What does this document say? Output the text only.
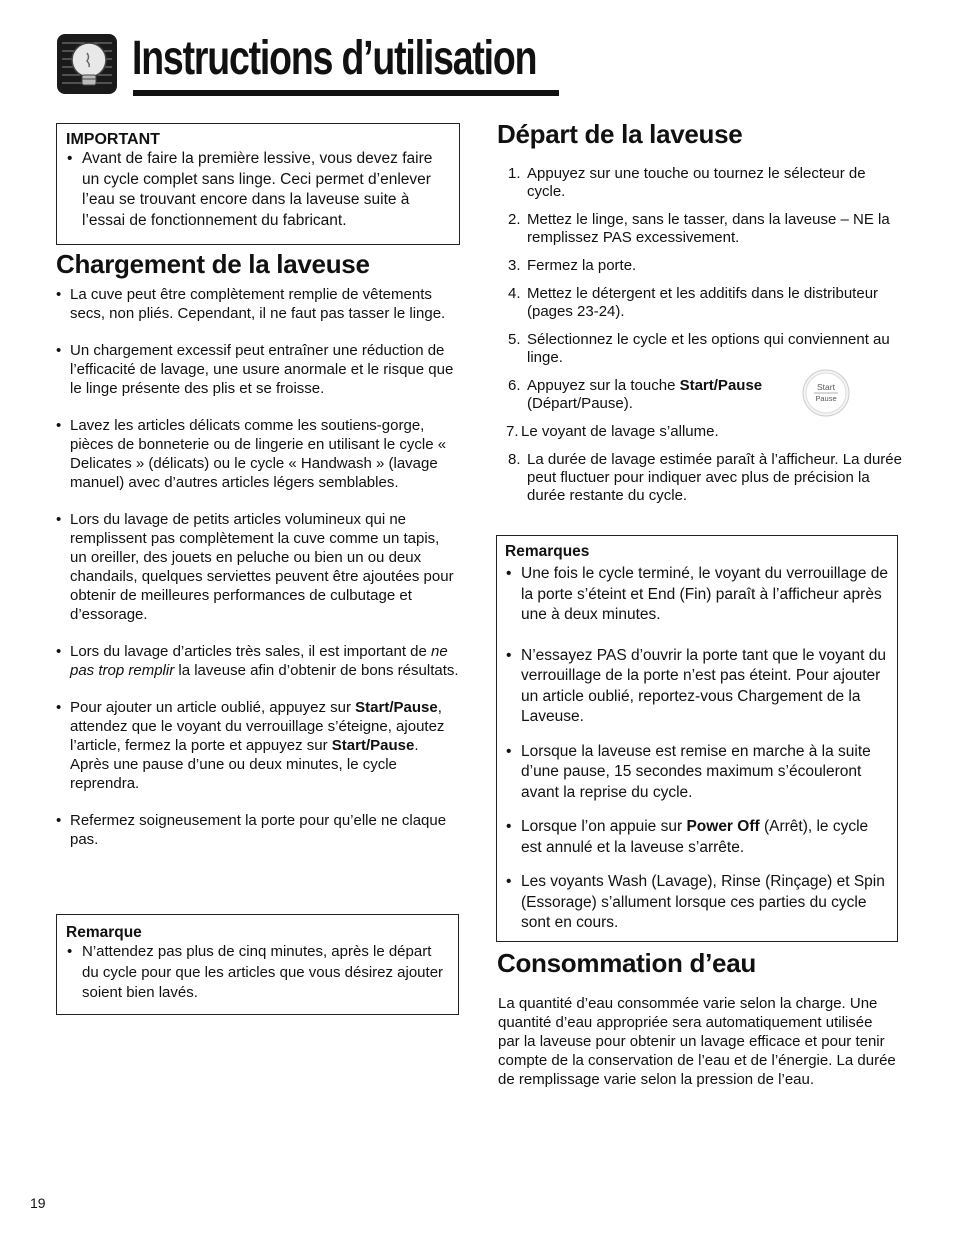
Instructions d’utilisation

IMPORTANT

• Avant de faire la première lessive, vous devez faire un cycle complet sans linge. Ceci permet d’enlever l’eau se trouvant encore dans la laveuse suite à l’essai de fonctionnement du fabricant.

Chargement de la laveuse
• La cuve peut être complètement remplie de vêtements secs, non pliés. Cependant, il ne faut pas tasser le linge.
• Un chargement excessif peut entraîner une réduction de l’efficacité de lavage, une usure anormale et le risque que le linge présente des plis et se froisse.
• Lavez les articles délicats comme les soutiens-gorge, pièces de bonneterie ou de lingerie en utilisant le cycle « Delicates » (délicats) ou le cycle « Handwash » (lavage manuel) avec d’autres articles légers semblables.
• Lors du lavage de petits articles volumineux qui ne remplissent pas complètement la cuve comme un tapis, un oreiller, des jouets en peluche ou bien un ou deux chandails, quelques serviettes peuvent être ajoutées pour obtenir de meilleures performances de culbutage et d’essorage.
• Lors du lavage d’articles très sales, il est important de ne pas trop remplir la laveuse afin d’obtenir de bons résultats.
• Pour ajouter un article oublié, appuyez sur Start/Pause, attendez que le voyant du verrouillage s’éteigne, ajoutez l’article, fermez la porte et appuyez sur Start/Pause. Après une pause d’une ou deux minutes, le cycle reprendra.
• Refermez soigneusement la porte pour qu’elle ne claque pas.

Remarque

• N’attendez pas plus de cinq minutes, après le départ du cycle pour que les articles que vous désirez ajouter soient bien lavés.

Départ de la laveuse
1. Appuyez sur une touche ou tournez le sélecteur de cycle.
2. Mettez le linge, sans le tasser, dans la laveuse – NE la remplissez PAS excessivement.
3. Fermez la porte.
4. Mettez le détergent et les additifs dans le distributeur (pages 23-24).
5. Sélectionnez le cycle et les options qui conviennent au linge.
6. Appuyez sur la touche Start/Pause
(Départ/Pause).
Start
Pause
7. Le voyant de lavage s’allume.
8. La durée de lavage estimée paraît à l’afficheur. La durée peut fluctuer pour indiquer avec plus de précision la durée restante du cycle.

Remarques

• Une fois le cycle terminé, le voyant du verrouillage de la porte s’éteint et End (Fin) paraît à l’afficheur après une à deux minutes.

• N’essayez PAS d’ouvrir la porte tant que le voyant du verrouillage de la porte n’est pas éteint. Pour ajouter un article oublié, reportez-vous Chargement de la Laveuse.

• Lorsque la laveuse est remise en marche à la suite d’une pause, 15 secondes maximum s’écouleront avant la reprise du cycle.

• Lorsque l’on appuie sur Power Off (Arrêt), le cycle est annulé et la laveuse s’arrête.

• Les voyants Wash (Lavage), Rinse (Rinçage) et Spin (Essorage) s’allument lorsque ces parties du cycle sont en cours.

Consommation d’eau

La quantité d’eau consommée varie selon la charge. Une quantité d’eau appropriée sera automatiquement utilisée par la laveuse pour obtenir un lavage efficace et pour tenir compte de la conservation de l’eau et de l’énergie. La durée de remplissage varie selon la pression de l’eau.

19
